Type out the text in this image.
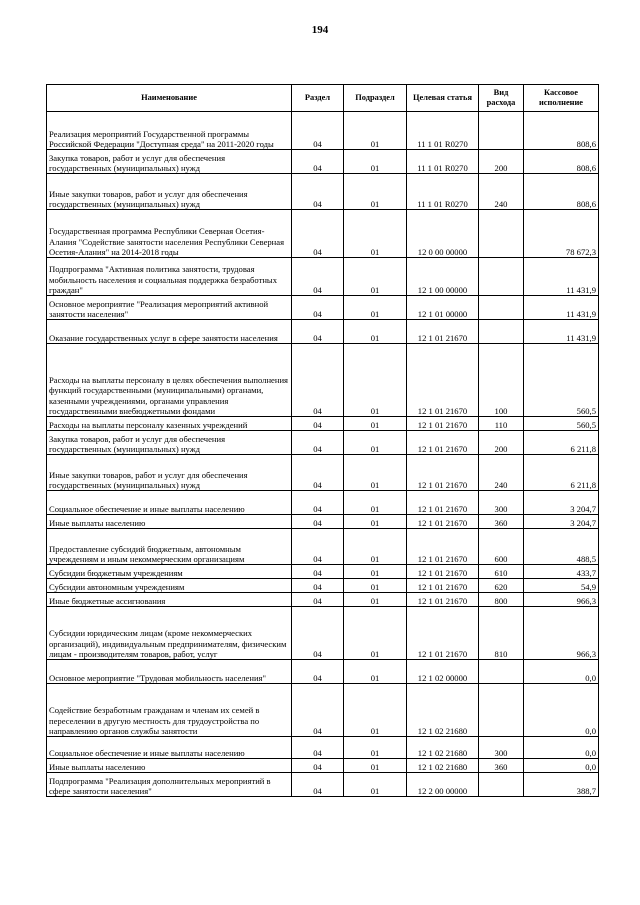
194
Наименование	Раздел	Подраздел	Целевая статья	Вид расхода	Кассовое исполнение
Реализация мероприятий Государственной программы Российской Федерации "Доступная среда" на 2011-2020 годы	04	01	11 1 01 R0270		808,6
Закупка товаров, работ и услуг для обеспечения государственных (муниципальных) нужд	04	01	11 1 01 R0270	200	808,6
Иные закупки товаров, работ и услуг для обеспечения государственных (муниципальных) нужд	04	01	11 1 01 R0270	240	808,6
Государственная программа Республики Северная Осетия-Алания "Содействие занятости населения Республики Северная Осетия-Алания" на 2014-2018 годы	04	01	12 0 00 00000		78 672,3
Подпрограмма "Активная политика занятости, трудовая мобильность населения и социальная поддержка безработных граждан"	04	01	12 1 00 00000		11 431,9
Основное мероприятие "Реализация мероприятий активной занятости населения"	04	01	12 1 01 00000		11 431,9
Оказание государственных услуг в сфере занятости населения	04	01	12 1 01 21670		11 431,9
Расходы на выплаты персоналу в целях обеспечения выполнения функций государственными (муниципальными) органами, казенными учреждениями, органами управления государственными внебюджетными фондами	04	01	12 1 01 21670	100	560,5
Расходы на выплаты персоналу казенных учреждений	04	01	12 1 01 21670	110	560,5
Закупка товаров, работ и услуг для обеспечения государственных (муниципальных) нужд	04	01	12 1 01 21670	200	6 211,8
Иные закупки товаров, работ и услуг для обеспечения государственных (муниципальных) нужд	04	01	12 1 01 21670	240	6 211,8
Социальное обеспечение и иные выплаты населению	04	01	12 1 01 21670	300	3 204,7
Иные выплаты населению	04	01	12 1 01 21670	360	3 204,7
Предоставление субсидий бюджетным, автономным учреждениям и иным некоммерческим организациям	04	01	12 1 01 21670	600	488,5
Субсидии бюджетным учреждениям	04	01	12 1 01 21670	610	433,7
Субсидии автономным учреждениям	04	01	12 1 01 21670	620	54,9
Иные бюджетные ассигнования	04	01	12 1 01 21670	800	966,3
Субсидии юридическим лицам (кроме некоммерческих организаций), индивидуальным предпринимателям, физическим лицам - производителям товаров, работ, услуг	04	01	12 1 01 21670	810	966,3
Основное мероприятие "Трудовая мобильность населения"	04	01	12 1 02 00000		0,0
Содействие безработным гражданам и членам их семей в переселении в другую местность для трудоустройства по направлению органов службы занятости	04	01	12 1 02 21680		0,0
Социальное обеспечение и иные выплаты населению	04	01	12 1 02 21680	300	0,0
Иные выплаты населению	04	01	12 1 02 21680	360	0,0
Подпрограмма "Реализация дополнительных мероприятий в сфере занятости населения"	04	01	12 2 00 00000		388,7
